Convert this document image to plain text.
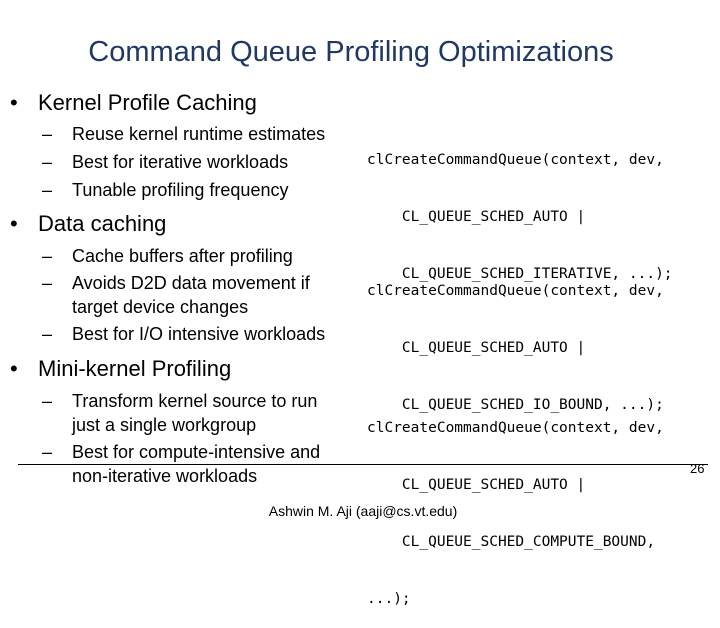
Command Queue Profiling Optimizations
• Kernel Profile Caching
– Reuse kernel runtime estimates
– Best for iterative workloads
– Tunable profiling frequency

clCreateCommandQueue(context, dev,

CL_QUEUE_SCHED_AUTO |

CL_QUEUE_SCHED_ITERATIVE, ...);

• Data caching
– Cache buffers after profiling
– Avoids D2D data movement if
target device changes
– Best for I/O intensive workloads

clCreateCommandQueue(context, dev,

CL_QUEUE_SCHED_AUTO |

CL_QUEUE_SCHED_IO_BOUND, ...);

• Mini-kernel Profiling
– Transform kernel source to run
just a single workgroup
– Best for compute-intensive and
non-iterative workloads

clCreateCommandQueue(context, dev,

CL_QUEUE_SCHED_AUTO |

CL_QUEUE_SCHED_COMPUTE_BOUND,

...);

26
Ashwin M. Aji (aaji@cs.vt.edu)
